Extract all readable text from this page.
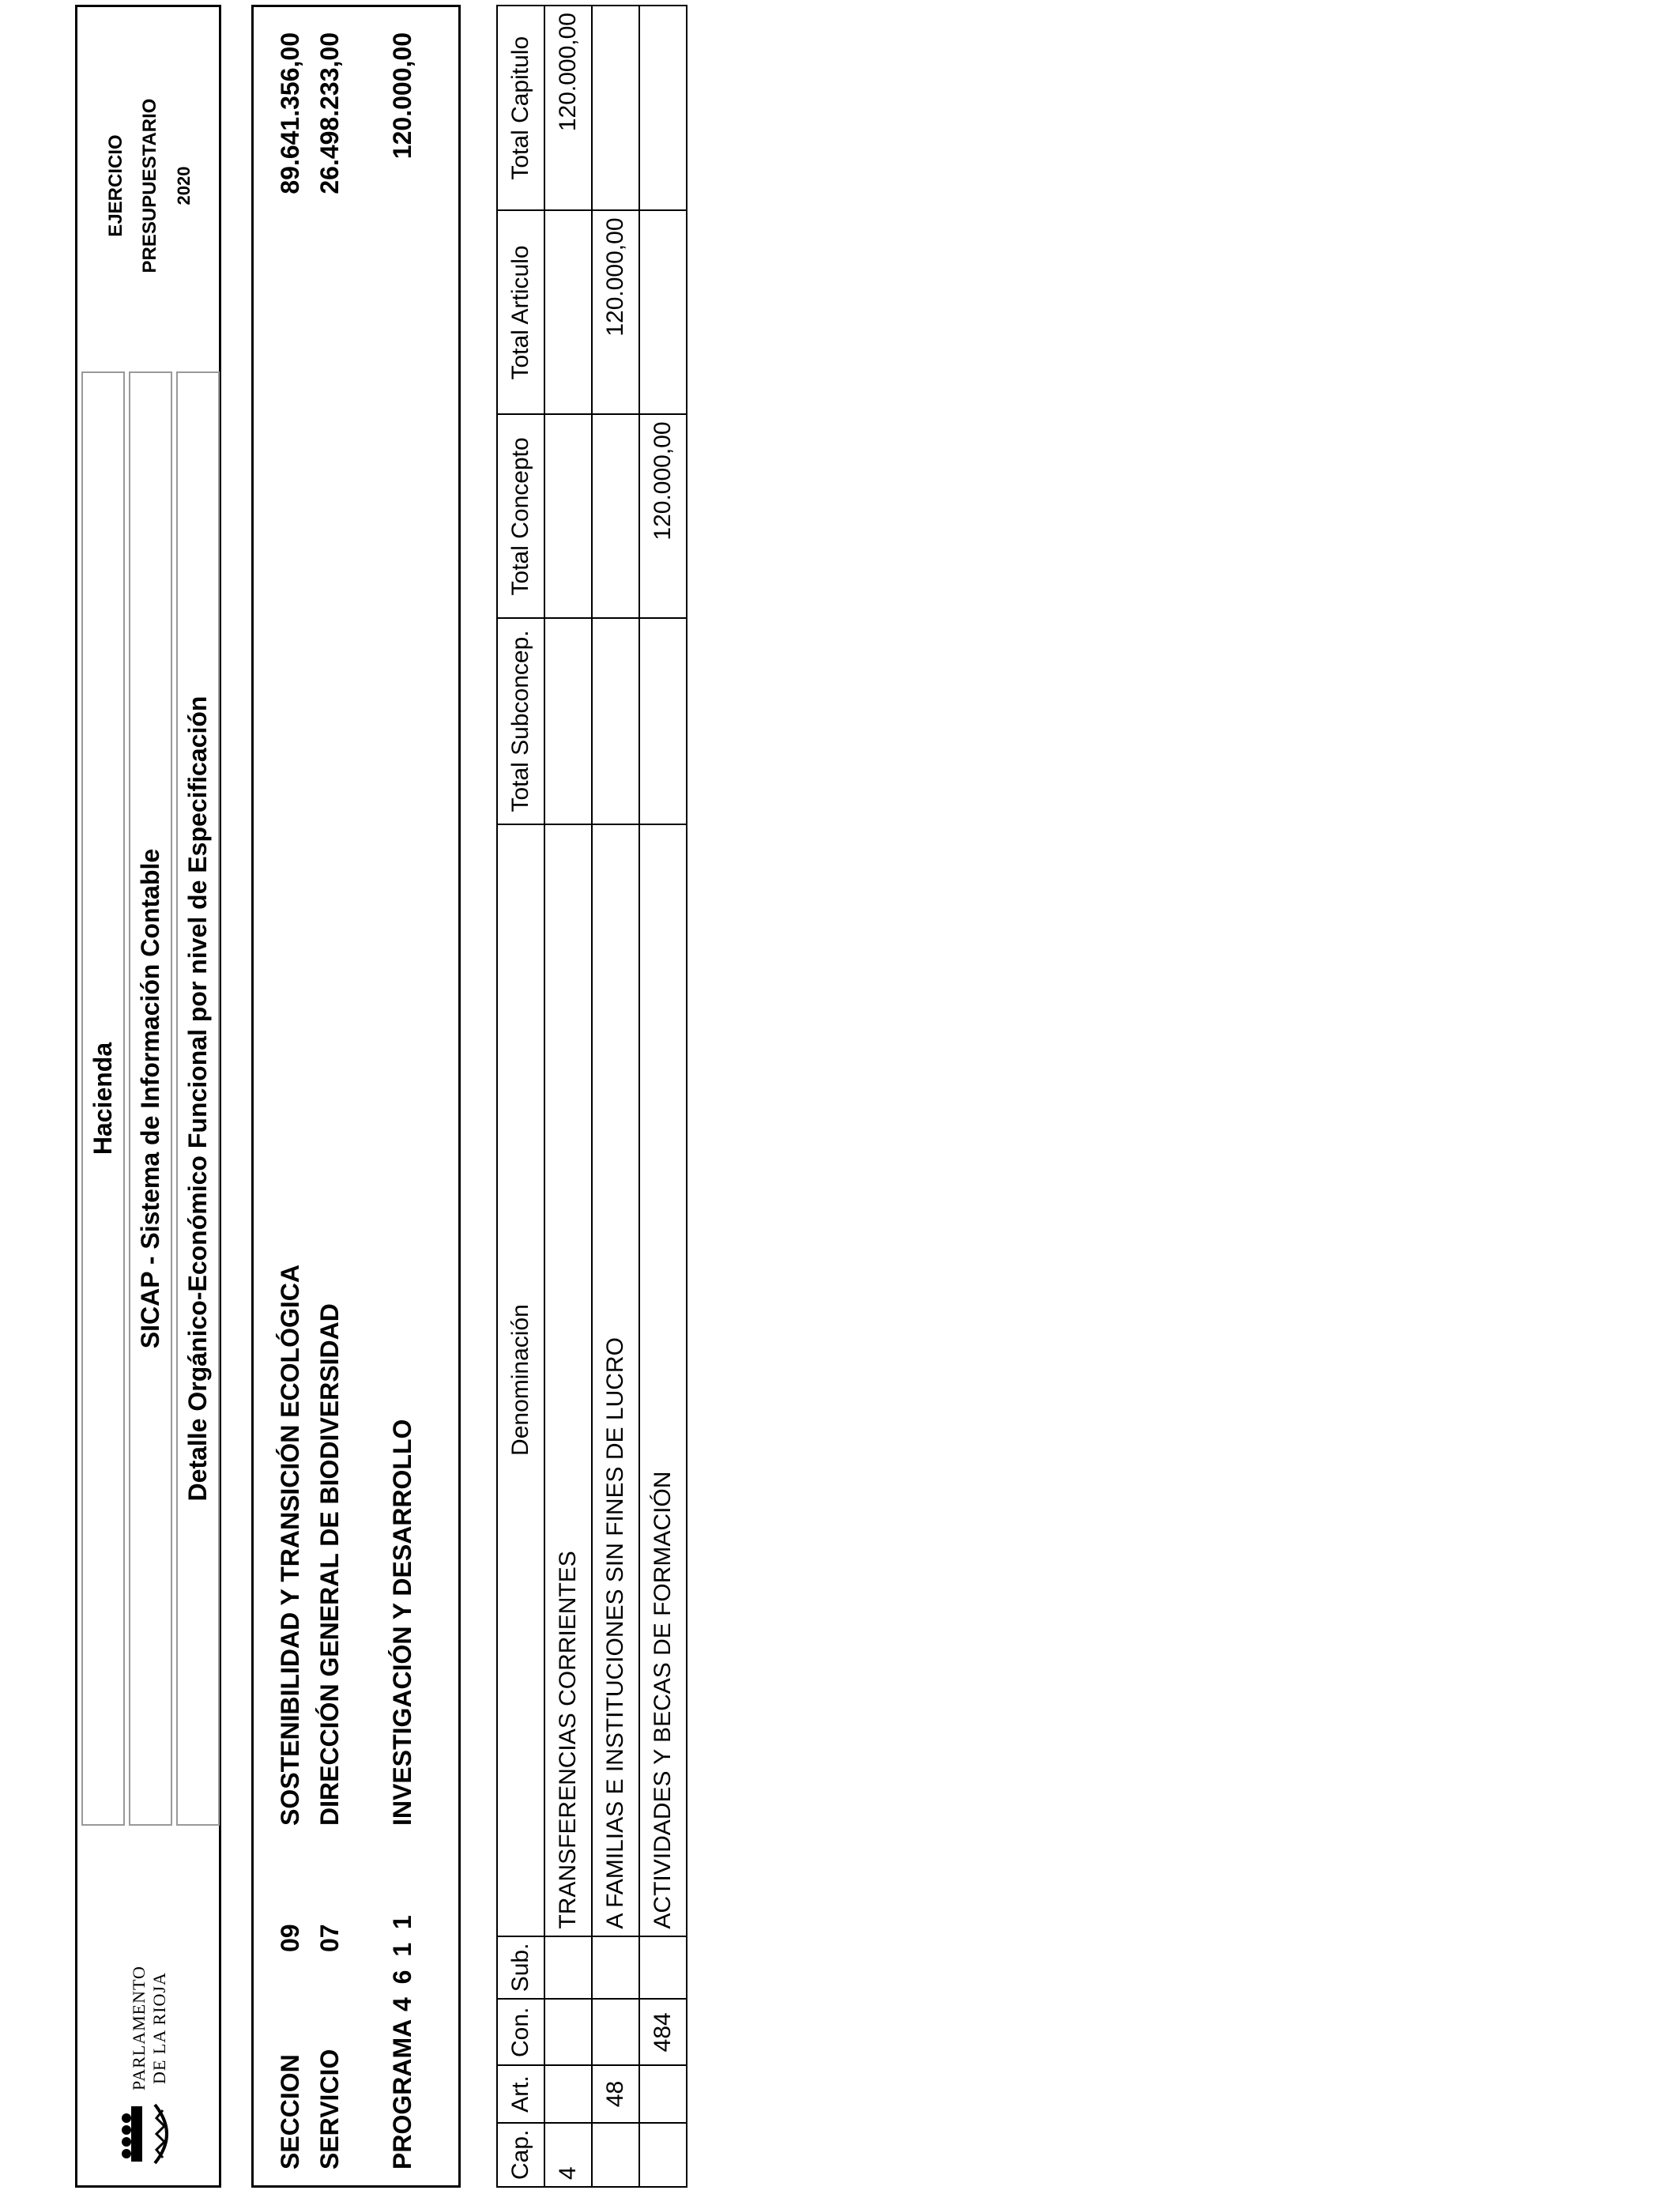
PARLAMENTO DE LA RIOJA
Hacienda SICAP - Sistema de Información Contable Detalle Orgánico-Económico Funcional por nivel de Especificación
EJERCICIO PRESUPUESTARIO 2020
SECCION
09
SOSTENIBILIDAD Y TRANSICIÓN ECOLÓGICA
89.641.356,00
SERVICIO
07
DIRECCIÓN GENERAL DE BIODIVERSIDAD
26.498.233,00
PROGRAMA
4 6 1 1
INVESTIGACIÓN Y DESARROLLO
120.000,00
Cap.	Art.	Con.	Sub.	Denominación	Total Subconcep.	Total Concepto	Total Articulo	Total Capitulo
4				TRANSFERENCIAS CORRIENTES				120.000,00
	48			A FAMILIAS E INSTITUCIONES SIN FINES DE LUCRO			120.000,00	
		484		ACTIVIDADES Y BECAS DE FORMACIÓN		120.000,00		
